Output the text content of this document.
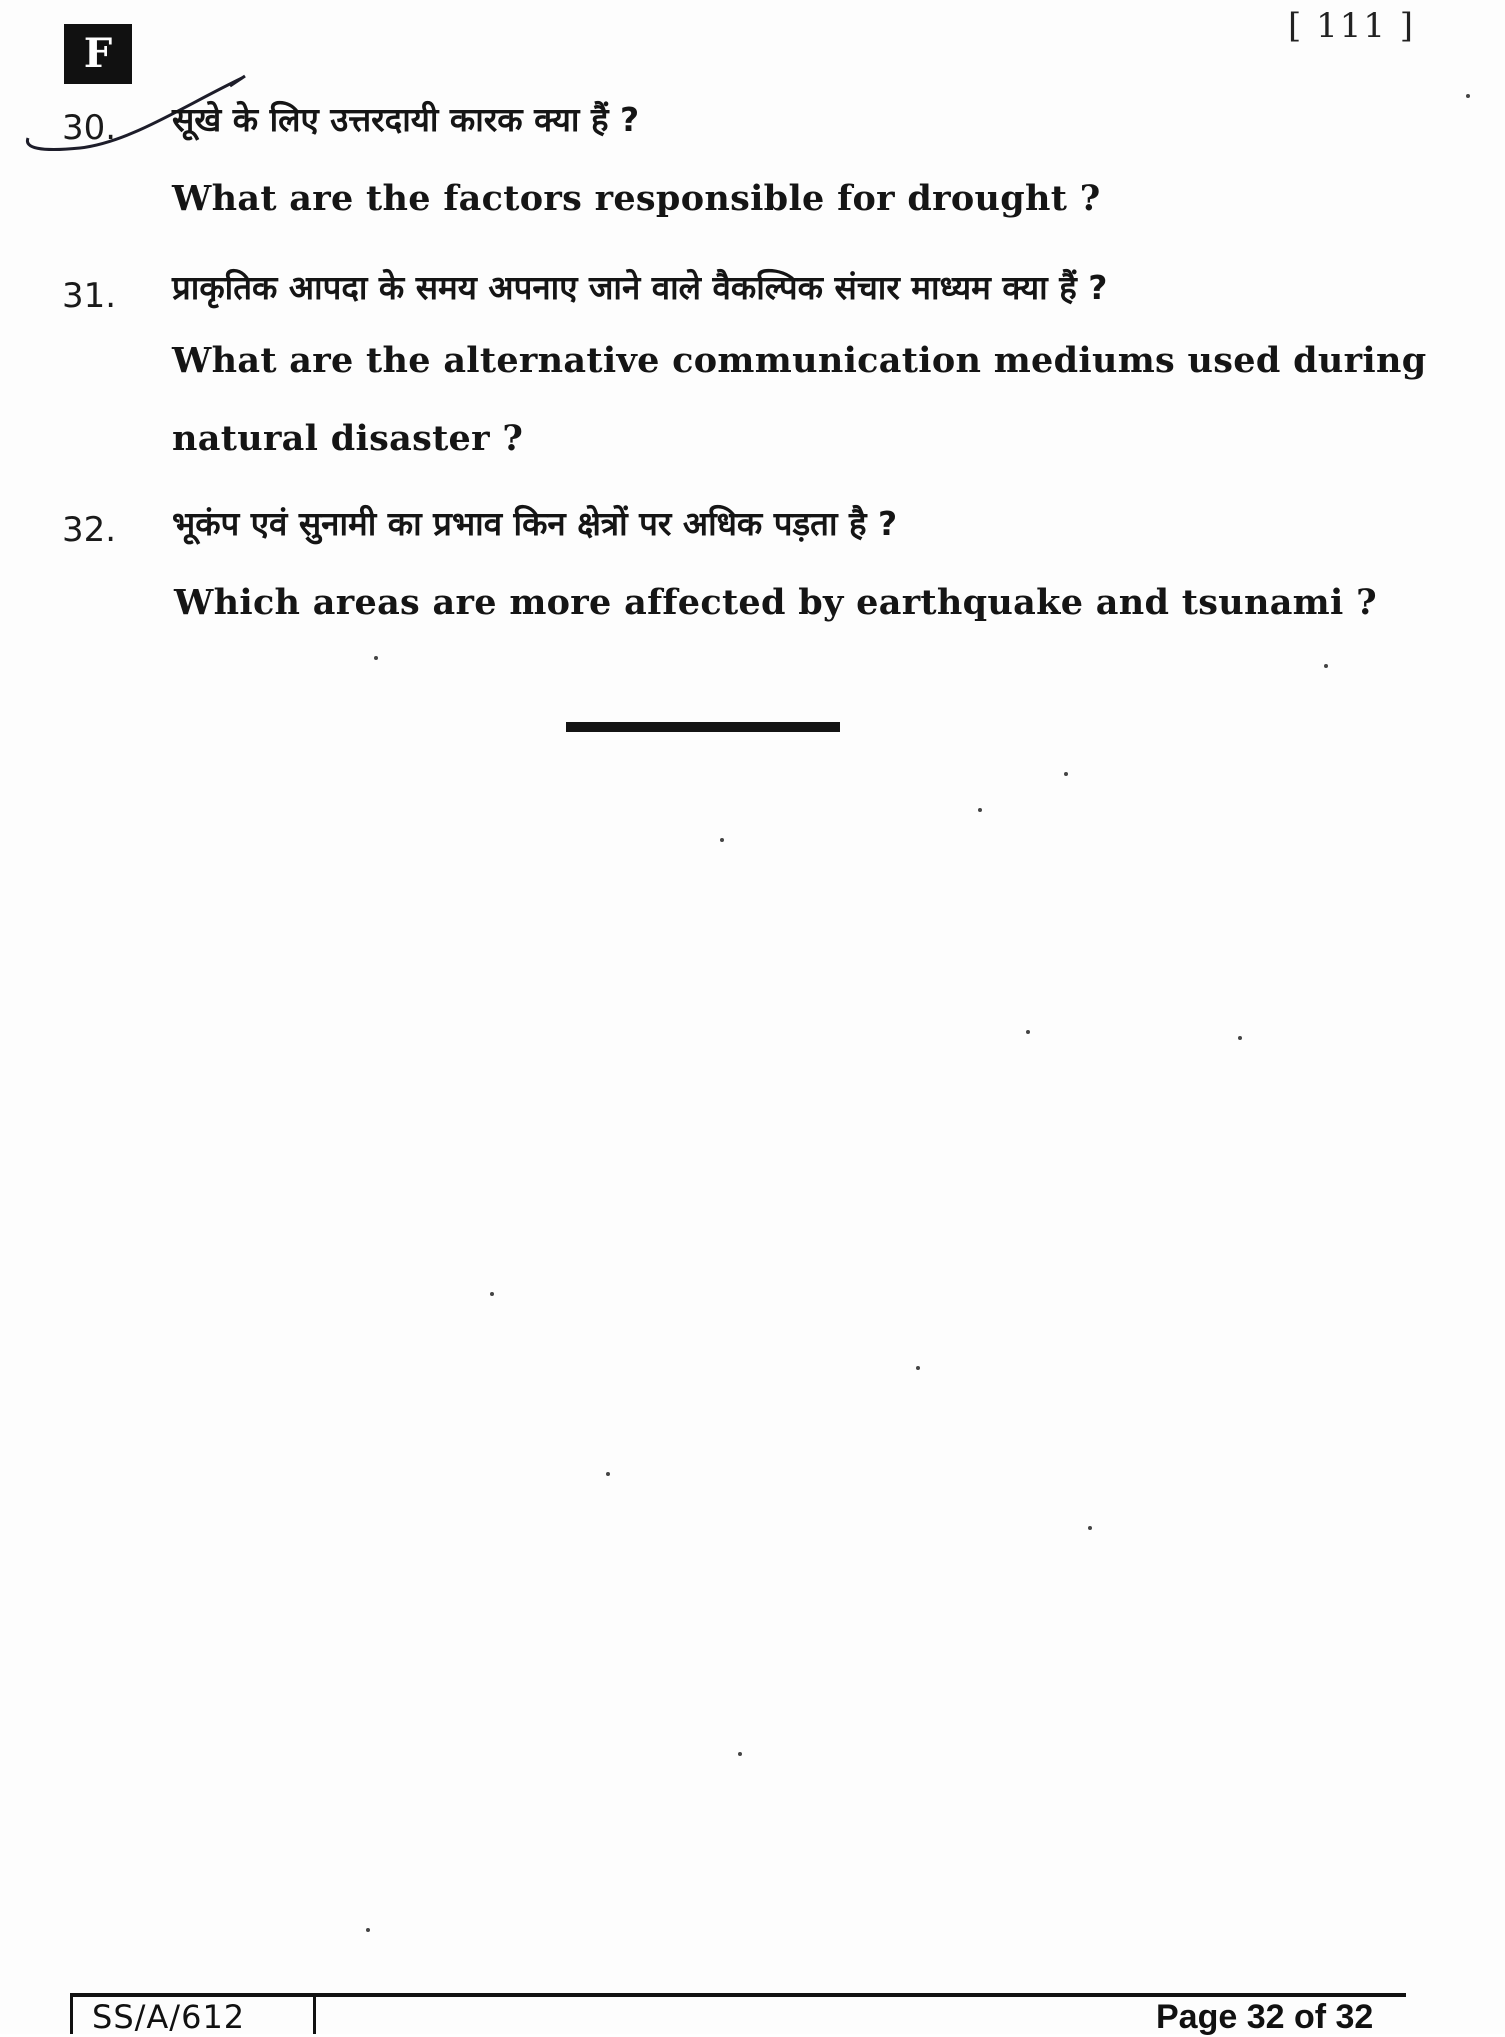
F
[ 111 ]
30. सूखे के लिए उत्तरदायी कारक क्या हैं ?
What are the factors responsible for drought ?
31. प्राकृतिक आपदा के समय अपनाए जाने वाले वैकल्पिक संचार माध्यम क्या हैं ?
What are the alternative communication mediums used during
natural disaster ?
32. भूकंप एवं सुनामी का प्रभाव किन क्षेत्रों पर अधिक पड़ता है ?
Which areas are more affected by earthquake and tsunami ?
SS/A/612	Page 32 of 32
